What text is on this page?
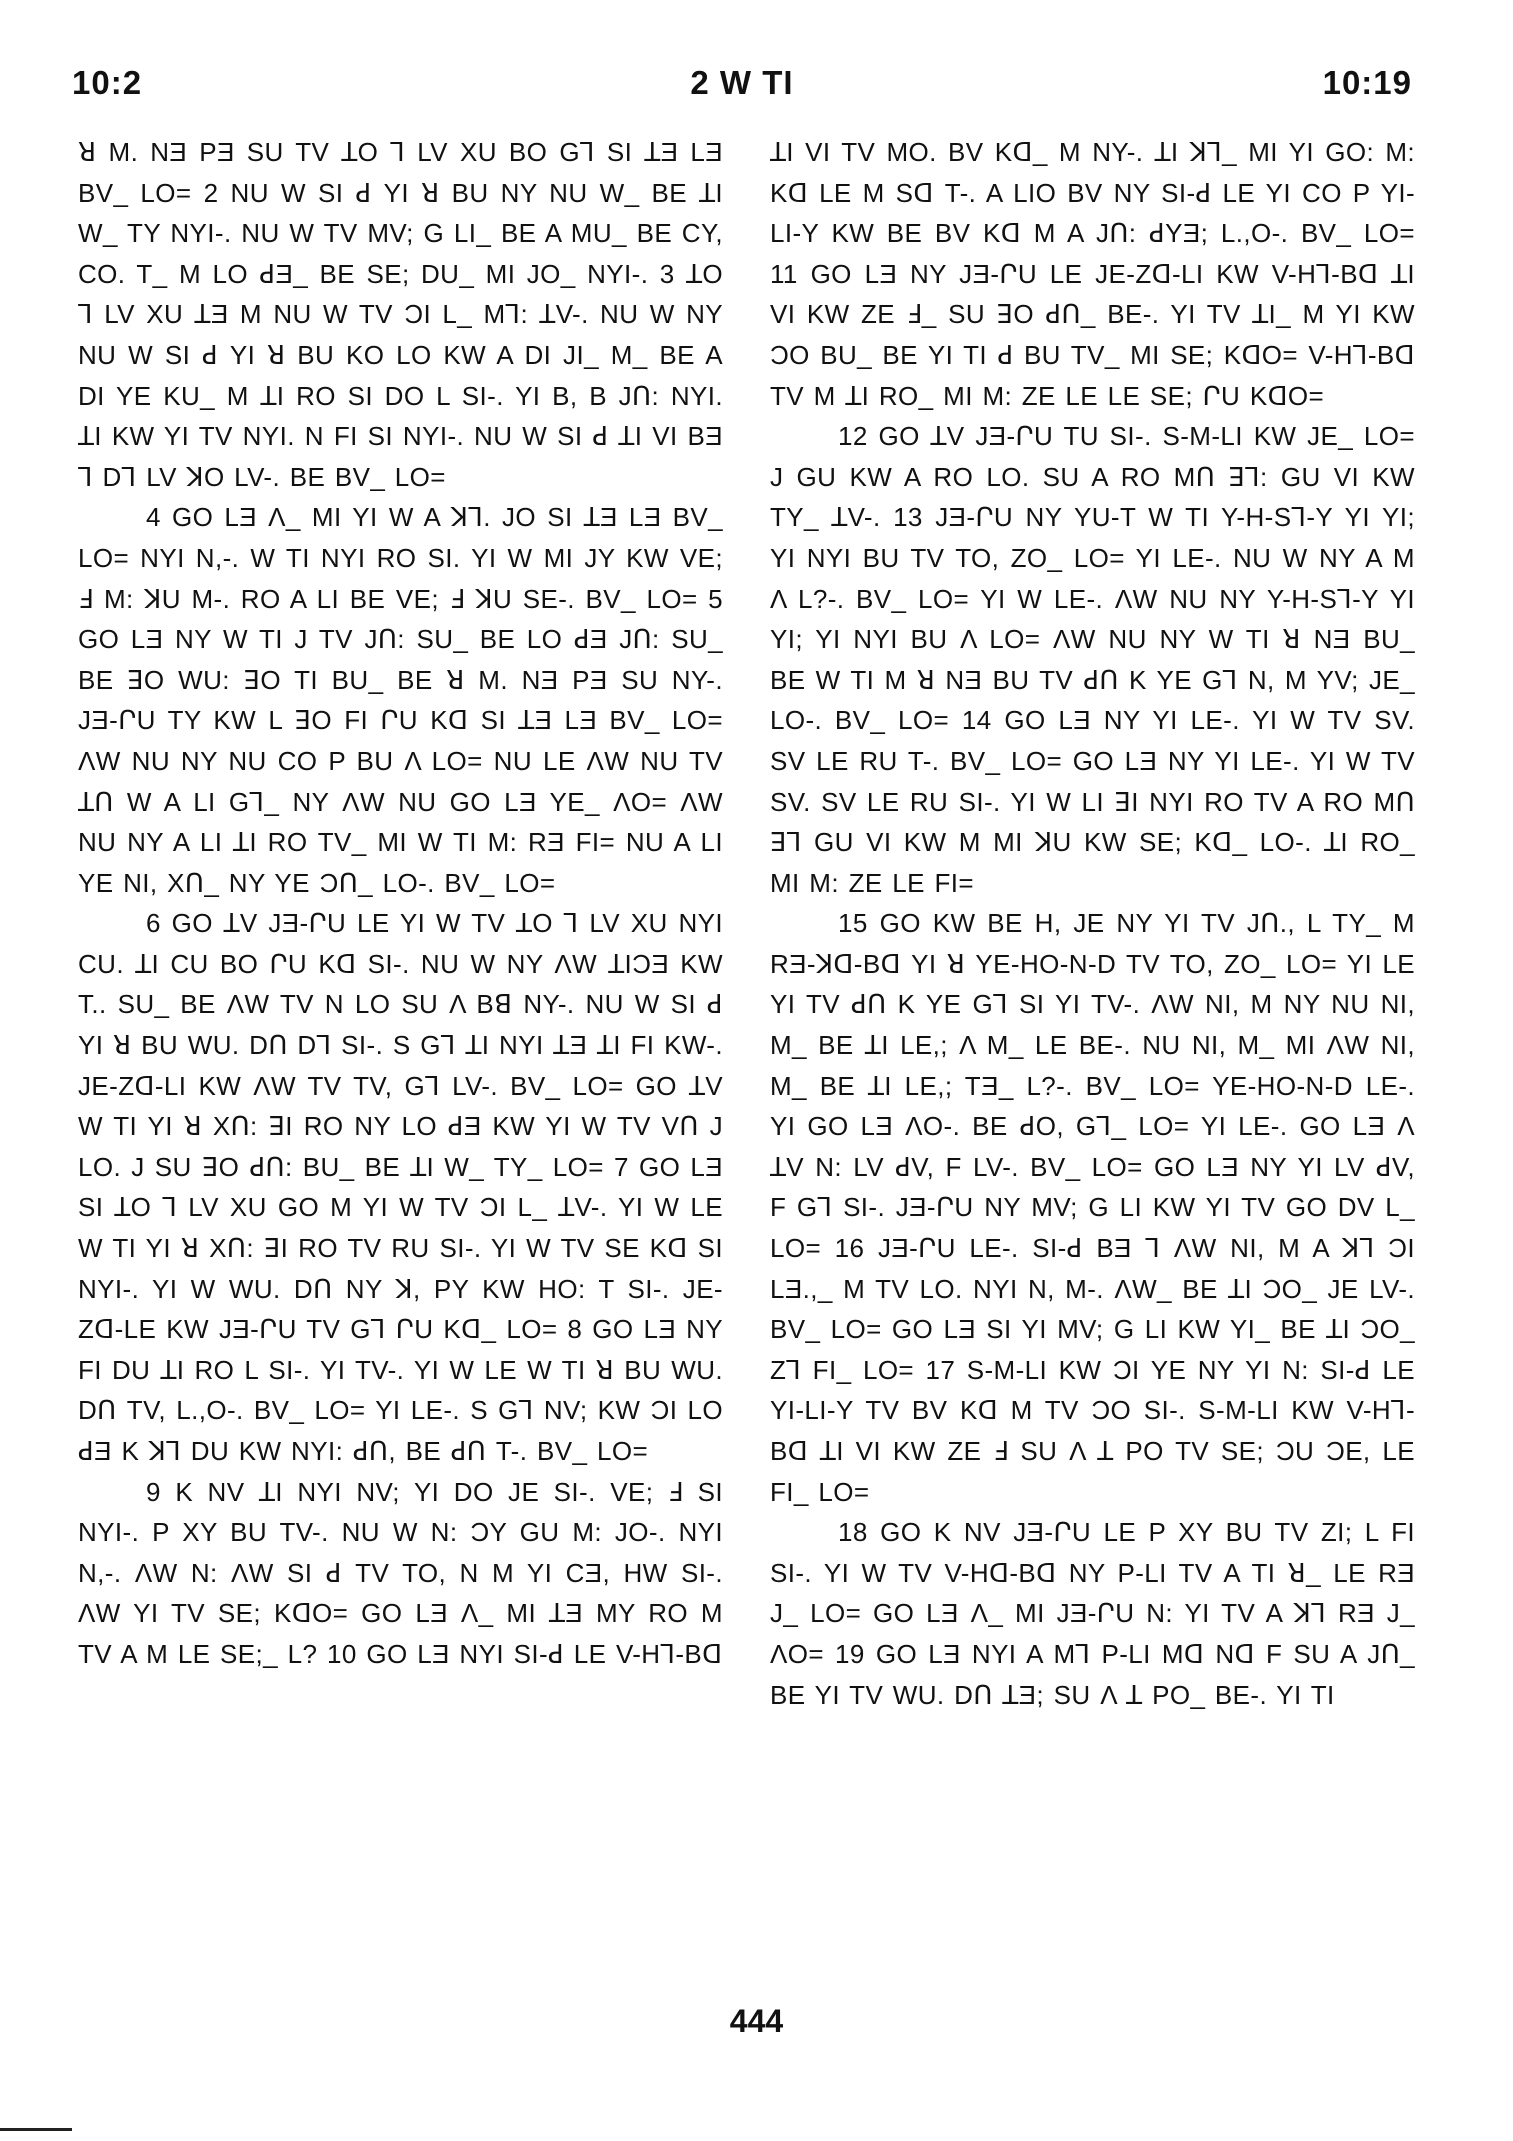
10:2	2 W TI	10:19

ꓤ M. NƎ PƎ SU TV ꓕO ⅂ LV XU BO G⅂ SI ꓕƎ LƎ BV_ LO= 2 NU W SI ꓒ YI ꓤ BU NY NU W_ BE ꓕI W_ TY NYI-. NU W TV MV; G LI_ BE A MU_ BE CY, CO. T_ M LO ꓒƎ_ BE SE; DU_ MI JO_ NYI-. 3 ꓕO ⅂ LV XU ꓕƎ M NU W TV ƆI L_ M⅂: ꓕV-. NU W NY NU W SI ꓒ YI ꓤ BU KO LO KW A DI JI_ M_ BE A DI YE KU_ M ꓕI RO SI DO L SI-. YI B, B JՈ: NYI. ꓕI KW YI TV NYI. N FI SI NYI-. NU W SI ꓒ ꓕI VI BƎ ⅂ D⅂ LV ꓘO LV-. BE BV_ LO=

4 GO LƎ Λ_ MI YI W A ꓘ⅂. JO SI ꓕƎ LƎ BV_ LO= NYI N,-. W TI NYI RO SI. YI W MI JY KW VE; Ⅎ M: ꓘU M-. RO A LI BE VE; Ⅎ ꓘU SE-. BV_ LO= 5 GO LƎ NY W TI J TV JՈ: SU_ BE LO ꓒƎ JՈ: SU_ BE ꓱO WU: ꓱO TI BU_ BE ꓤ M. NƎ PƎ SU NY-. JƎ-ՐU TY KW L ꓱO FI ՐU Kꓷ SI ꓕƎ LƎ BV_ LO= ΛW NU NY NU CO P BU Λ LO= NU LE ΛW NU TV ꓕՈ W A LI G⅂_ NY ΛW NU GO LƎ YE_ ΛO= ΛW NU NY A LI ꓕI RO TV_ MI W TI M: RƎ FI= NU A LI YE NI, XՈ_ NY YE ƆՈ_ LO-. BV_ LO=

6 GO ꓕV JƎ-ՐU LE YI W TV ꓕO ⅂ LV XU NYI CU. ꓕI CU BO ՐU Kꓷ SI-. NU W NY ΛW ꓕIƆƎ KW T.. SU_ BE ΛW TV N LO SU Λ Bꓭ NY-. NU W SI ꓒ YI ꓤ BU WU. DՈ D⅂ SI-. S G⅂ ꓕI NYI ꓕƎ ꓕI FI KW-. JE-Zꓷ-LI KW ΛW TV TV, G⅂ LV-. BV_ LO= GO ꓕV W TI YI ꓤ XՈ: ꓱI RO NY LO ꓒƎ KW YI W TV VՈ J LO. J SU ꓱO ꓒՈ: BU_ BE ꓕI W_ TY_ LO= 7 GO LƎ SI ꓕO ⅂ LV XU GO M YI W TV ƆI L_ ꓕV-. YI W LE W TI YI ꓤ XՈ: ꓱI RO TV RU SI-. YI W TV SE Kꓷ SI NYI-. YI W WU. DՈ NY ꓘ, PY KW HO: T SI-. JE-Zꓷ-LE KW JƎ-ՐU TV G⅂ ՐU Kꓷ_ LO= 8 GO LƎ NY FI DU ꓕI RO L SI-. YI TV-. YI W LE W TI ꓤ BU WU. DՈ TV, L.,O-. BV_ LO= YI LE-. S G⅂ NV; KW ƆI LO ꓒƎ K ꓘ⅂ DU KW NYI: ꓒՈ, BE ꓒՈ T-. BV_ LO=

9 K NV ꓕI NYI NV; YI DO JE SI-. VE; Ⅎ SI NYI-. P XY BU TV-. NU W N: ƆY GU M: JO-. NYI N,-. ΛW N: ΛW SI ꓒ TV TO, N M YI CƎ, HW SI-. ΛW YI TV SE; KꓷO= GO LƎ Λ_ MI ꓕƎ MY RO M TV A M LE SE;_ L? 10 GO LƎ NYI SI-ꓒ LE V-H⅂-Bꓷ

ꓕI VI TV MO. BV Kꓷ_ M NY-. ꓕI ꓘ⅂_ MI YI GO: M: Kꓷ LE M Sꓷ T-. A LIO BV NY SI-ꓒ LE YI CO P YI-LI-Y KW BE BV Kꓷ M A JՈ: ꓒYƎ; L.,O-. BV_ LO= 11 GO LƎ NY JƎ-ՐU LE JE-Zꓷ-LI KW V-H⅂-Bꓷ ꓕI VI KW ZE Ⅎ_ SU ꓱO ꓒՈ_ BE-. YI TV ꓕI_ M YI KW ƆO BU_ BE YI TI ꓒ BU TV_ MI SE; KꓷO= V-H⅂-Bꓷ TV M ꓕI RO_ MI M: ZE LE LE SE; ՐU KꓷO=

12 GO ꓕV JƎ-ՐU TU SI-. S-M-LI KW JE_ LO= J GU KW A RO LO. SU A RO MՈ ꓱ⅂: GU VI KW TY_ ꓕV-. 13 JƎ-ՐU NY YU-T W TI Y-H-S⅂-Y YI YI; YI NYI BU TV TO, ZO_ LO= YI LE-. NU W NY A M Λ L?-. BV_ LO= YI W LE-. ΛW NU NY Y-H-S⅂-Y YI YI; YI NYI BU Λ LO= ΛW NU NY W TI ꓤ NƎ BU_ BE W TI M ꓤ NƎ BU TV ꓒՈ K YE G⅂ N, M YV; JE_ LO-. BV_ LO= 14 GO LƎ NY YI LE-. YI W TV SV. SV LE RU T-. BV_ LO= GO LƎ NY YI LE-. YI W TV SV. SV LE RU SI-. YI W LI ꓱI NYI RO TV A RO MՈ ꓱ⅂ GU VI KW M MI ꓘU KW SE; Kꓷ_ LO-. ꓕI RO_ MI M: ZE LE FI=

15 GO KW BE H, JE NY YI TV JՈ., L TY_ M RƎ-ꓘꓷ-Bꓷ YI ꓤ YE-HO-N-D TV TO, ZO_ LO= YI LE YI TV ꓒՈ K YE G⅂ SI YI TV-. ΛW NI, M NY NU NI, M_ BE ꓕI LE,; Λ M_ LE BE-. NU NI, M_ MI ΛW NI, M_ BE ꓕI LE,; TƎ_ L?-. BV_ LO= YE-HO-N-D LE-. YI GO LƎ ΛO-. BE ꓒO, G⅂_ LO= YI LE-. GO LƎ Λ ꓕV N: LV ꓒV, F LV-. BV_ LO= GO LƎ NY YI LV ꓒV, F G⅂ SI-. JƎ-ՐU NY MV; G LI KW YI TV GO DV L_ LO= 16 JƎ-ՐU LE-. SI-ꓒ BƎ ⅂ ΛW NI, M A ꓘ⅂ ƆI LƎ.,_ M TV LO. NYI N, M-. ΛW_ BE ꓕI ƆO_ JE LV-. BV_ LO= GO LƎ SI YI MV; G LI KW YI_ BE ꓕI ƆO_ Z⅂ FI_ LO= 17 S-M-LI KW ƆI YE NY YI N: SI-ꓒ LE YI-LI-Y TV BV Kꓷ M TV ƆO SI-. S-M-LI KW V-H⅂-Bꓷ ꓕI VI KW ZE Ⅎ SU Λ ꓕ PO TV SE; ƆU ƆE, LE FI_ LO=

18 GO K NV JƎ-ՐU LE P XY BU TV ZI; L FI SI-. YI W TV V-Hꓷ-Bꓷ NY P-LI TV A TI ꓤ_ LE RƎ J_ LO= GO LƎ Λ_ MI JƎ-ՐU N: YI TV A ꓘ⅂ RƎ J_ ΛO= 19 GO LƎ NYI A M⅂ P-LI Mꓷ Nꓷ F SU A JՈ_ BE YI TV WU. DՈ ꓕƎ; SU Λ ꓕ PO_ BE-. YI TI

444
